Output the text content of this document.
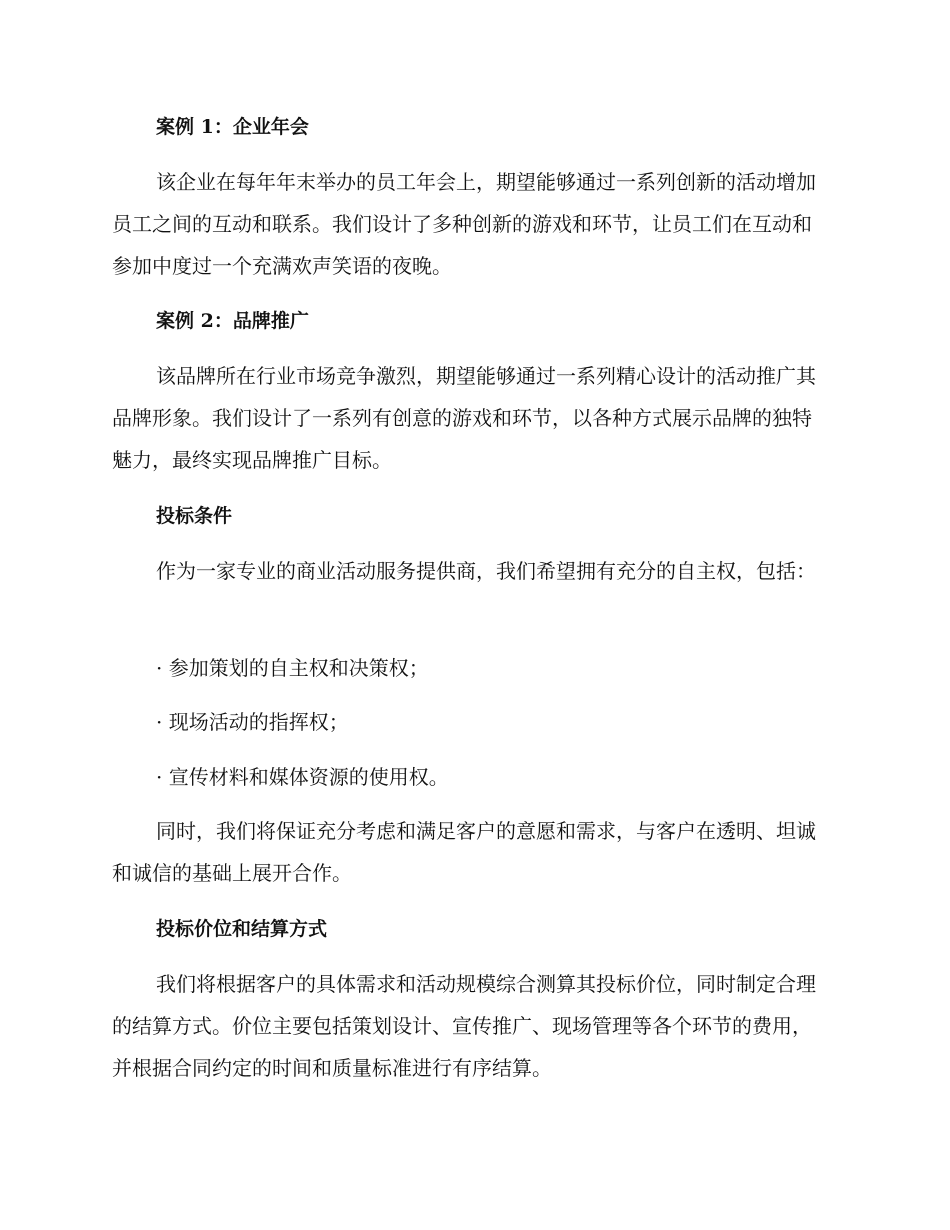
案例 1：企业年会
该企业在每年年末举办的员工年会上，期望能够通过一系列创新的活动增加员工之间的互动和联系。我们设计了多种创新的游戏和环节，让员工们在互动和参加中度过一个充满欢声笑语的夜晚。
案例 2：品牌推广
该品牌所在行业市场竞争激烈，期望能够通过一系列精心设计的活动推广其品牌形象。我们设计了一系列有创意的游戏和环节，以各种方式展示品牌的独特魅力，最终实现品牌推广目标。
投标条件
作为一家专业的商业活动服务提供商，我们希望拥有充分的自主权，包括：
· 参加策划的自主权和决策权；
· 现场活动的指挥权；
· 宣传材料和媒体资源的使用权。
同时，我们将保证充分考虑和满足客户的意愿和需求，与客户在透明、坦诚和诚信的基础上展开合作。
投标价位和结算方式
我们将根据客户的具体需求和活动规模综合测算其投标价位，同时制定合理的结算方式。价位主要包括策划设计、宣传推广、现场管理等各个环节的费用，并根据合同约定的时间和质量标准进行有序结算。
